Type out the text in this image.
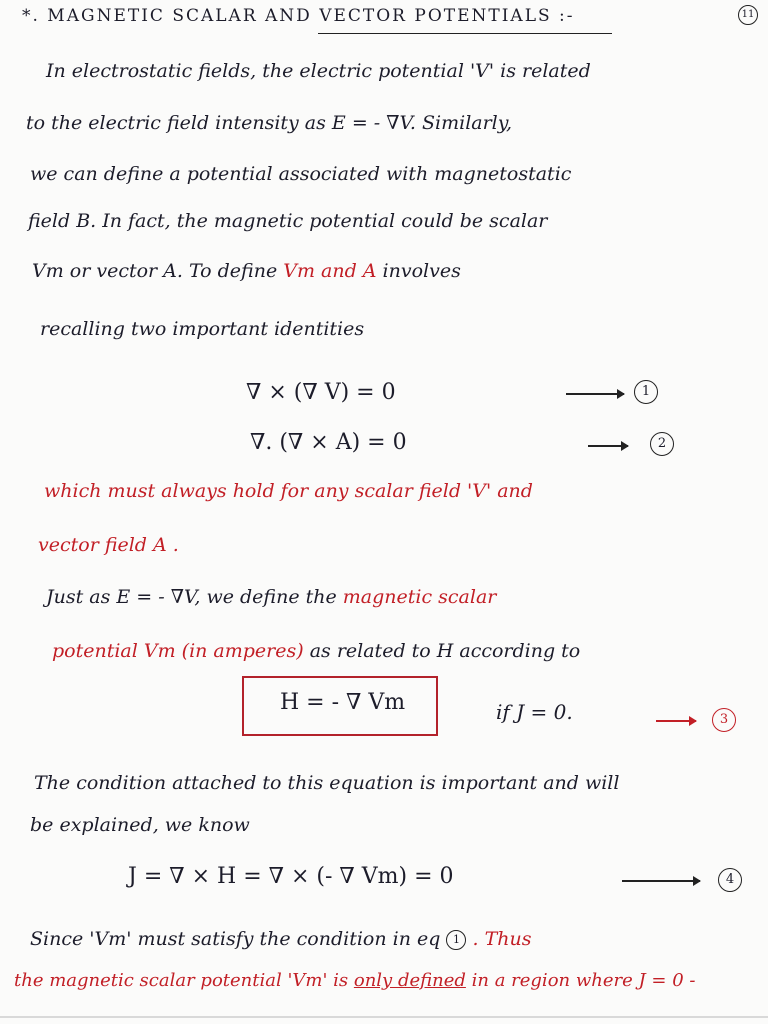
*. MAGNETIC SCALAR AND VECTOR POTENTIALS :-	11
In electrostatic fields, the electric potential 'V' is related
to the electric field intensity as E = - ∇V. Similarly,
we can define a potential associated with magnetostatic
field B. In fact, the magnetic potential could be scalar
Vm or vector A. To define Vm and A involves
recalling two important identities
∇ × (∇ V) = 0	1
∇. (∇ × A) = 0	2
which must always hold for any scalar field 'V' and
vector field A .
Just as E = - ∇V, we define the magnetic scalar
potential Vm (in amperes) as related to H according to
H = - ∇ Vm	if J = 0.	3
The condition attached to this equation is important and will
be explained, we know
J = ∇ × H = ∇ × (- ∇ Vm) = 0	4
Since 'Vm' must satisfy the condition in eq 1 . Thus
the magnetic scalar potential 'Vm' is only defined in a region where J = 0 -
